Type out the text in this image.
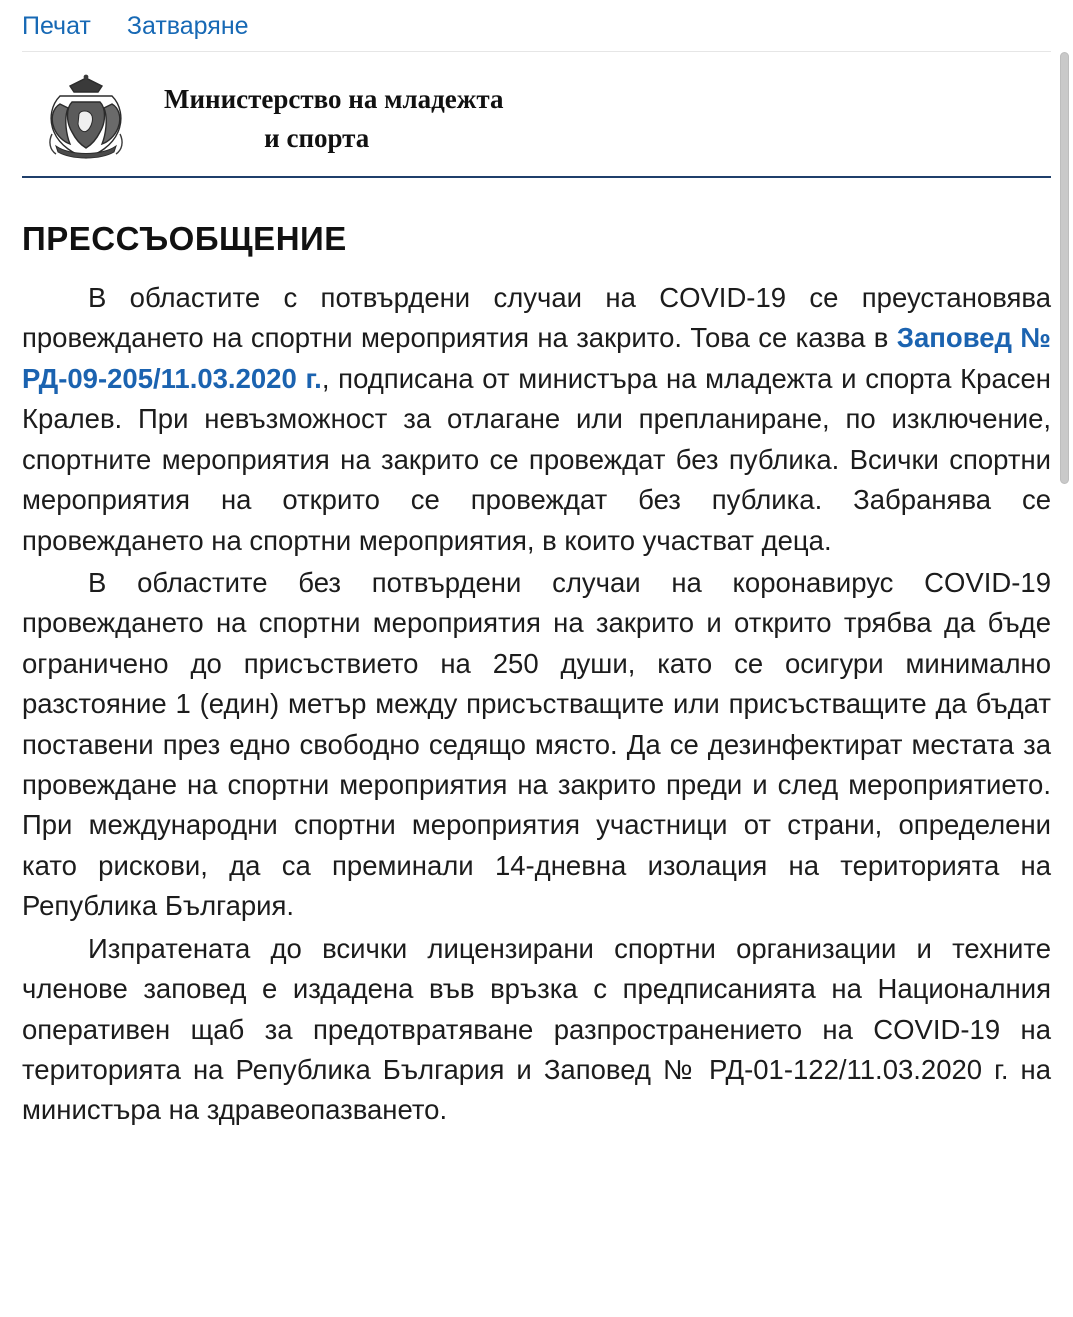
Печат Затваряне
Министерство на младежта
и спорта
ПРЕССЪОБЩЕНИЕ

В областите с потвърдени случаи на COVID-19 се преустановява провеждането на спортни мероприятия на закрито. Това се казва в Заповед № РД-09-205/11.03.2020 г., подписана от министъра на младежта и спорта Красен Кралев. При невъзможност за отлагане или препланиране, по изключение, спортните мероприятия на закрито се провеждат без публика. Всички спортни мероприятия на открито се провеждат без публика. Забранява се провеждането на спортни мероприятия, в които участват деца.

В областите без потвърдени случаи на коронавирус COVID-19 провеждането на спортни мероприятия на закрито и открито трябва да бъде ограничено до присъствието на 250 души, като се осигури минимално разстояние 1 (един) метър между присъстващите или присъстващите да бъдат поставени през едно свободно седящо място. Да се дезинфектират местата за провеждане на спортни мероприятия на закрито преди и след мероприятието. При международни спортни мероприятия участници от страни, определени като рискови, да са преминали 14-дневна изолация на територията на Република България.

Изпратената до всички лицензирани спортни организации и техните членове заповед е издадена във връзка с предписанията на Националния оперативен щаб за предотвратяване разпространението на COVID-19 на територията на Република България и Заповед № РД-01-122/11.03.2020 г. на министъра на здравеопазването.
